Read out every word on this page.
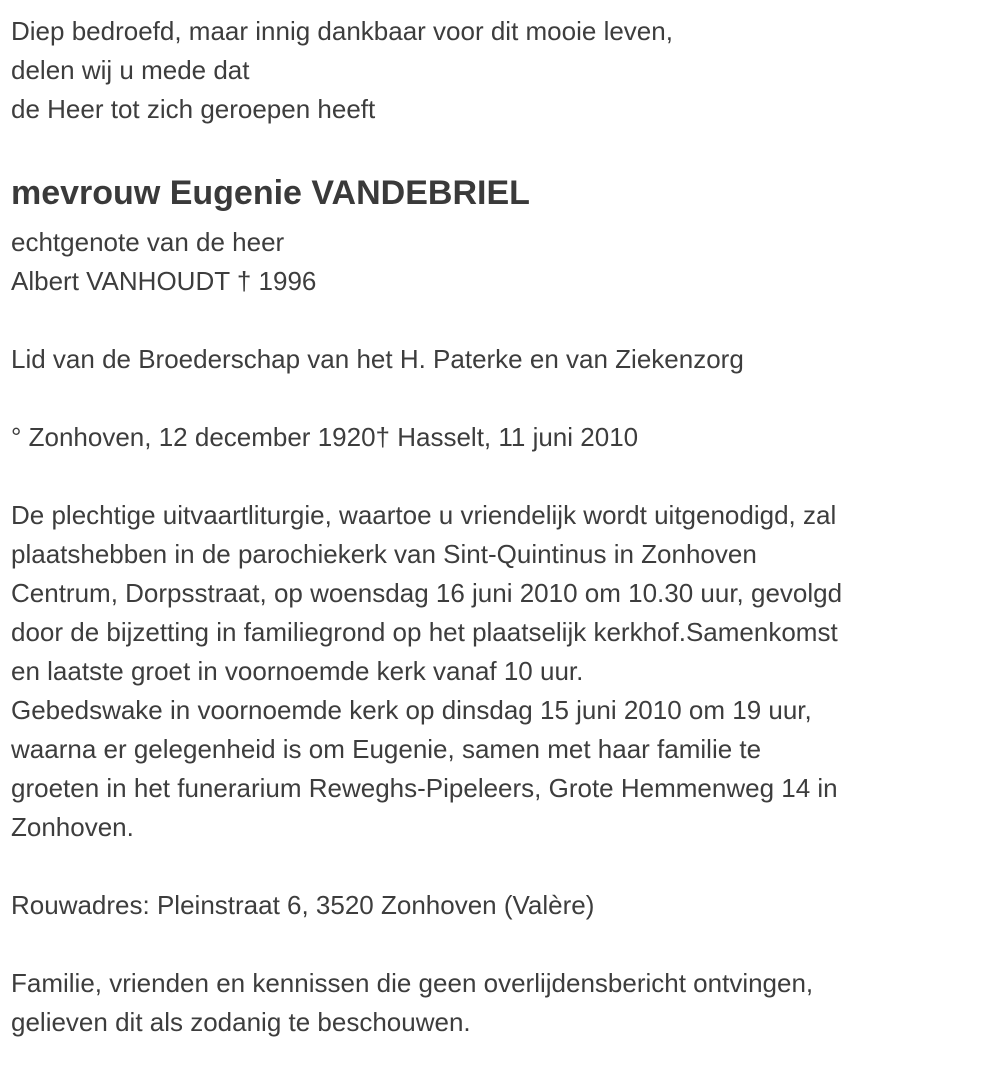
Diep bedroefd, maar innig dankbaar voor dit mooie leven,
delen wij u mede dat
de Heer tot zich geroepen heeft
mevrouw Eugenie VANDEBRIEL
echtgenote van de heer
Albert VANHOUDT † 1996
Lid van de Broederschap van het H. Paterke en van Ziekenzorg
° Zonhoven, 12 december 1920† Hasselt, 11 juni 2010
De plechtige uitvaartliturgie, waartoe u vriendelijk wordt uitgenodigd, zal
plaatshebben in de parochiekerk van Sint-Quintinus in Zonhoven
Centrum, Dorpsstraat, op woensdag 16 juni 2010 om 10.30 uur, gevolgd
door de bijzetting in familiegrond op het plaatselijk kerkhof.Samenkomst
en laatste groet in voornoemde kerk vanaf 10 uur.
Gebedswake in voornoemde kerk op dinsdag 15 juni 2010 om 19 uur,
waarna er gelegenheid is om Eugenie, samen met haar familie te
groeten in het funerarium Reweghs-Pipeleers, Grote Hemmenweg 14 in
Zonhoven.
Rouwadres: Pleinstraat 6, 3520 Zonhoven (Valère)
Familie, vrienden en kennissen die geen overlijdensbericht ontvingen,
gelieven dit als zodanig te beschouwen.
